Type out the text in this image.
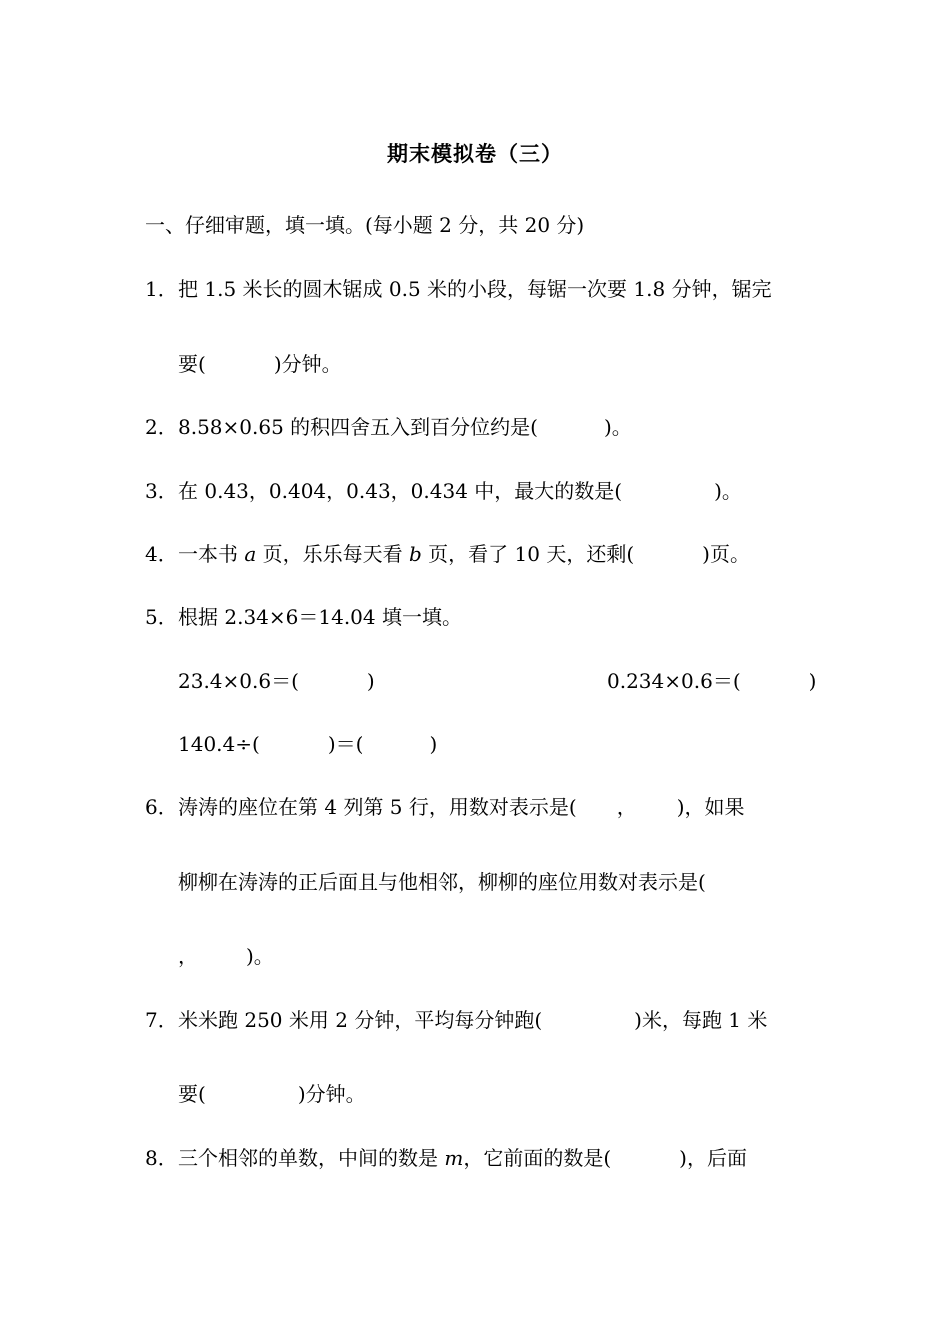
期末模拟卷（三）
一、仔细审题，填一填。(每小题 2 分，共 20 分)
1． 把 1.5 米长的圆木锯成 0.5 米的小段，每锯一次要 1.8 分钟，锯完
要(	)分钟。
2． 8.58×0.65 的积四舍五入到百分位约是(	)。
3． 在 0.43，0.404，0.43，0.434 中，最大的数是(	)。
4． 一本书 a 页，乐乐每天看 b 页，看了 10 天，还剩(	)页。
5． 根据 2.34×6＝14.04 填一填。
23.4×0.6＝(	)	0.234×0.6＝(	)
140.4÷(	)＝(	)
6． 涛涛的座位在第 4 列第 5 行，用数对表示是( ， )，如果
柳柳在涛涛的正后面且与他相邻，柳柳的座位用数对表示是(
， )。
7． 米米跑 250 米用 2 分钟，平均每分钟跑(	)米，每跑 1 米
要(	)分钟。
8． 三个相邻的单数，中间的数是 m，它前面的数是(	)，后面
